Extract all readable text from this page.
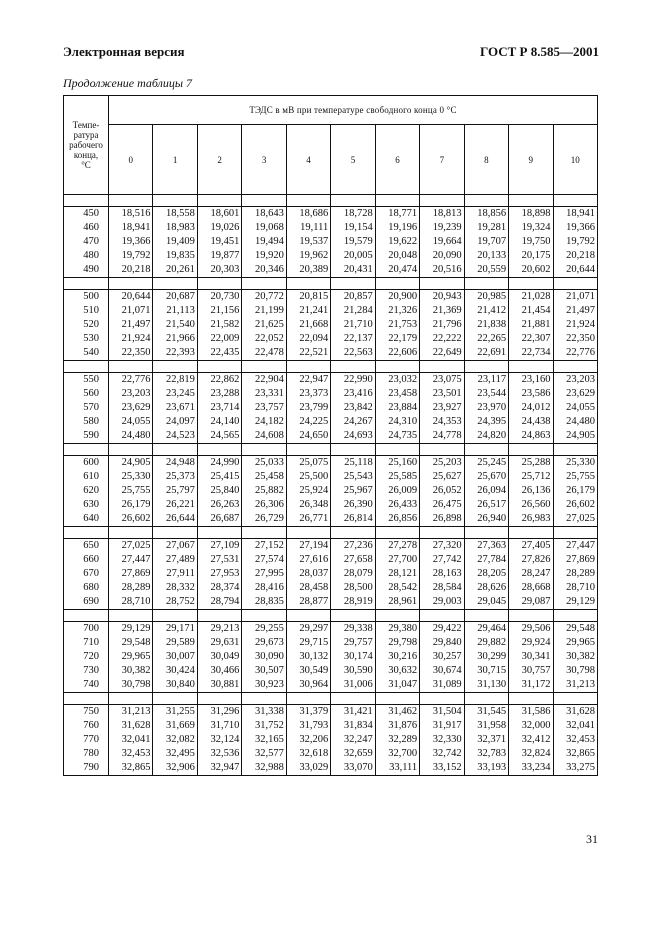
Электронная версия	ГОСТ Р 8.585—2001
Продолжение таблицы 7
Темпе-
ратура
рабочего
конца,
°С	ТЭДС в мВ при температуре свободного конца 0 °С										
	0	1	2	3	4	5	6	7	8	9	10

450	18,516	18,558	18,601	18,643	18,686	18,728	18,771	18,813	18,856	18,898	18,941
460	18,941	18,983	19,026	19,068	19,111	19,154	19,196	19,239	19,281	19,324	19,366
470	19,366	19,409	19,451	19,494	19,537	19,579	19,622	19,664	19,707	19,750	19,792
480	19,792	19,835	19,877	19,920	19,962	20,005	20,048	20,090	20,133	20,175	20,218
490	20,218	20,261	20,303	20,346	20,389	20,431	20,474	20,516	20,559	20,602	20,644

500	20,644	20,687	20,730	20,772	20,815	20,857	20,900	20,943	20,985	21,028	21,071
510	21,071	21,113	21,156	21,199	21,241	21,284	21,326	21,369	21,412	21,454	21,497
520	21,497	21,540	21,582	21,625	21,668	21,710	21,753	21,796	21,838	21,881	21,924
530	21,924	21,966	22,009	22,052	22,094	22,137	22,179	22,222	22,265	22,307	22,350
540	22,350	22,393	22,435	22,478	22,521	22,563	22,606	22,649	22,691	22,734	22,776

550	22,776	22,819	22,862	22,904	22,947	22,990	23,032	23,075	23,117	23,160	23,203
560	23,203	23,245	23,288	23,331	23,373	23,416	23,458	23,501	23,544	23,586	23,629
570	23,629	23,671	23,714	23,757	23,799	23,842	23,884	23,927	23,970	24,012	24,055
580	24,055	24,097	24,140	24,182	24,225	24,267	24,310	24,353	24,395	24,438	24,480
590	24,480	24,523	24,565	24,608	24,650	24,693	24,735	24,778	24,820	24,863	24,905

600	24,905	24,948	24,990	25,033	25,075	25,118	25,160	25,203	25,245	25,288	25,330
610	25,330	25,373	25,415	25,458	25,500	25,543	25,585	25,627	25,670	25,712	25,755
620	25,755	25,797	25,840	25,882	25,924	25,967	26,009	26,052	26,094	26,136	26,179
630	26,179	26,221	26,263	26,306	26,348	26,390	26,433	26,475	26,517	26,560	26,602
640	26,602	26,644	26,687	26,729	26,771	26,814	26,856	26,898	26,940	26,983	27,025

650	27,025	27,067	27,109	27,152	27,194	27,236	27,278	27,320	27,363	27,405	27,447
660	27,447	27,489	27,531	27,574	27,616	27,658	27,700	27,742	27,784	27,826	27,869
670	27,869	27,911	27,953	27,995	28,037	28,079	28,121	28,163	28,205	28,247	28,289
680	28,289	28,332	28,374	28,416	28,458	28,500	28,542	28,584	28,626	28,668	28,710
690	28,710	28,752	28,794	28,835	28,877	28,919	28,961	29,003	29,045	29,087	29,129

700	29,129	29,171	29,213	29,255	29,297	29,338	29,380	29,422	29,464	29,506	29,548
710	29,548	29,589	29,631	29,673	29,715	29,757	29,798	29,840	29,882	29,924	29,965
720	29,965	30,007	30,049	30,090	30,132	30,174	30,216	30,257	30,299	30,341	30,382
730	30,382	30,424	30,466	30,507	30,549	30,590	30,632	30,674	30,715	30,757	30,798
740	30,798	30,840	30,881	30,923	30,964	31,006	31,047	31,089	31,130	31,172	31,213

750	31,213	31,255	31,296	31,338	31,379	31,421	31,462	31,504	31,545	31,586	31,628
760	31,628	31,669	31,710	31,752	31,793	31,834	31,876	31,917	31,958	32,000	32,041
770	32,041	32,082	32,124	32,165	32,206	32,247	32,289	32,330	32,371	32,412	32,453
780	32,453	32,495	32,536	32,577	32,618	32,659	32,700	32,742	32,783	32,824	32,865
790	32,865	32,906	32,947	32,988	33,029	33,070	33,111	33,152	33,193	33,234	33,275
31
